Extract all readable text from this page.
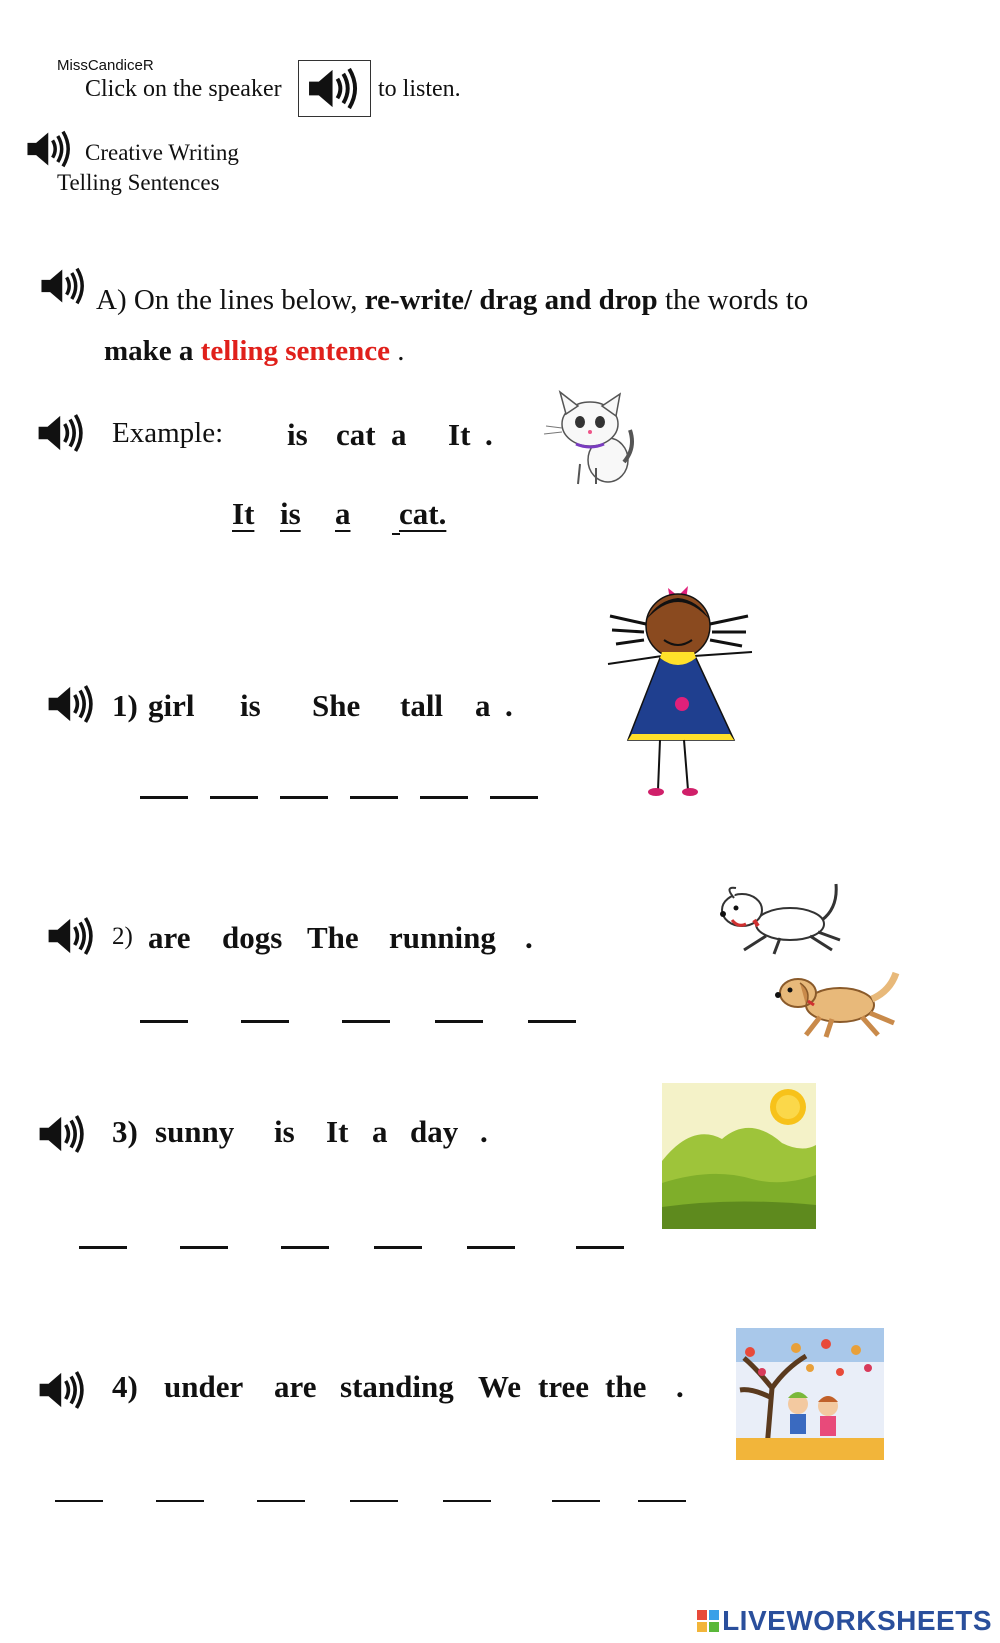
MissCandiceR
Click on the speaker	to listen.
Creative Writing
Telling Sentences
A) On the lines below, re-write/ drag and drop the words to
make a telling sentence .
Example: is cat a It .
It is a cat.
1) girl is She tall a .
2) are dogs The running .
3) sunny is It a day .
4) under are standing We tree the .
LIVEWORKSHEETS
